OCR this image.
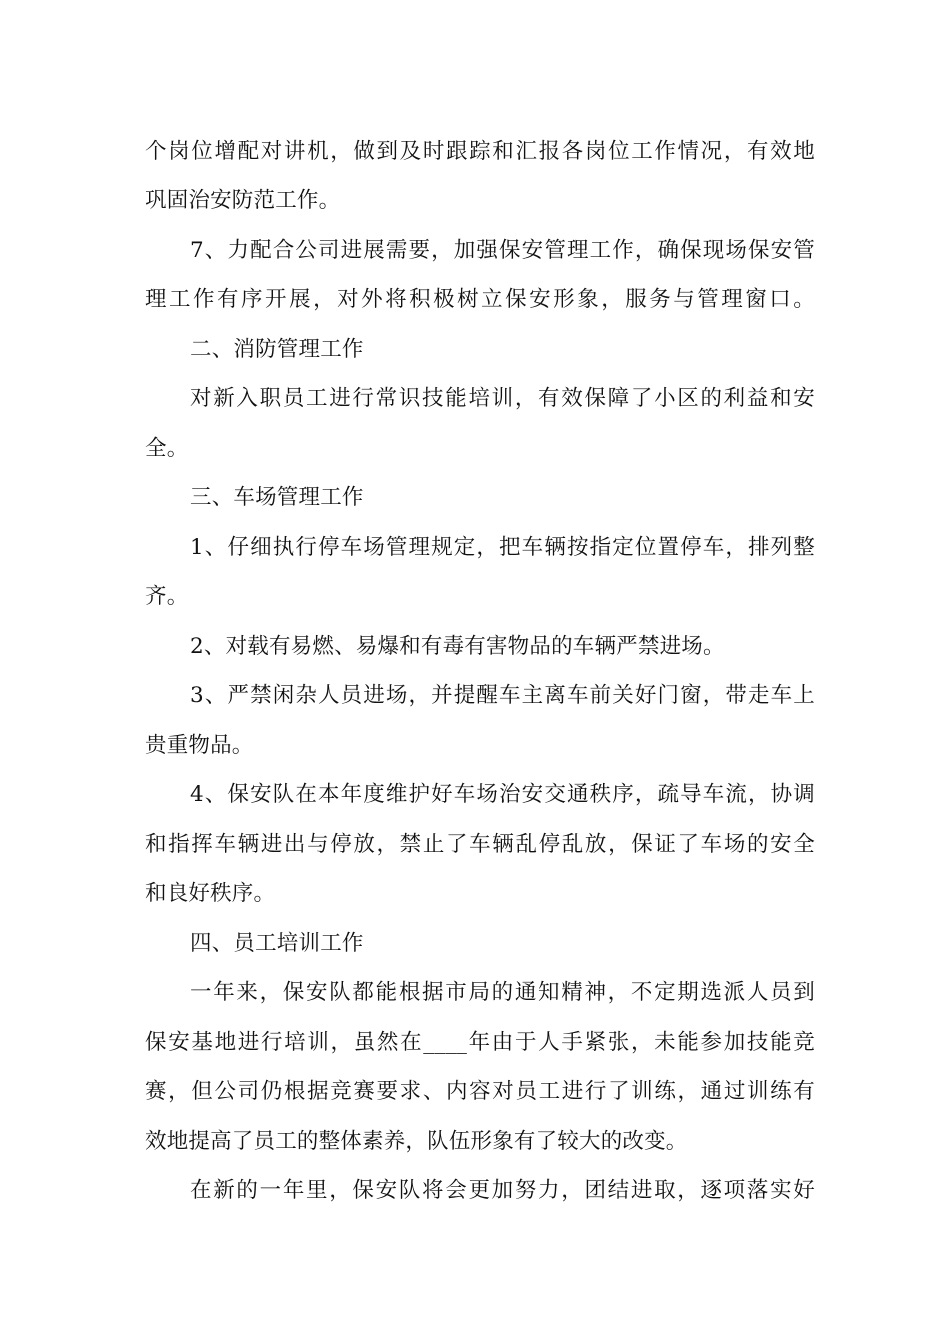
个岗位增配对讲机，做到及时跟踪和汇报各岗位工作情况，有效地
巩固治安防范工作。
7、力配合公司进展需要，加强保安管理工作，确保现场保安管
理工作有序开展，对外将积极树立保安形象，服务与管理窗口。
二、消防管理工作
对新入职员工进行常识技能培训，有效保障了小区的利益和安
全。
三、车场管理工作
1、仔细执行停车场管理规定，把车辆按指定位置停车，排列整
齐。
2、对载有易燃、易爆和有毒有害物品的车辆严禁进场。
3、严禁闲杂人员进场，并提醒车主离车前关好门窗，带走车上
贵重物品。
4、保安队在本年度维护好车场治安交通秩序，疏导车流，协调
和指挥车辆进出与停放，禁止了车辆乱停乱放，保证了车场的安全
和良好秩序。
四、员工培训工作
一年来，保安队都能根据市局的通知精神，不定期选派人员到
保安基地进行培训，虽然在____年由于人手紧张，未能参加技能竞
赛，但公司仍根据竞赛要求、内容对员工进行了训练，通过训练有
效地提高了员工的整体素养，队伍形象有了较大的改变。
在新的一年里，保安队将会更加努力，团结进取，逐项落实好
